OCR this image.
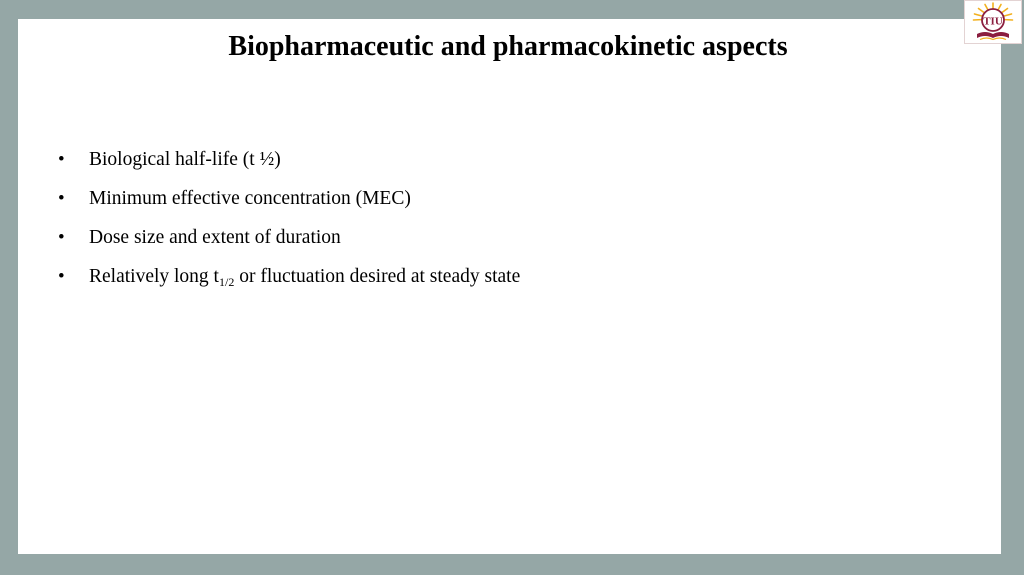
Biopharmaceutic and pharmacokinetic aspects
• Biological half-life (t ½)
• Minimum effective concentration (MEC)
• Dose size and extent of duration
• Relatively long $t_{1/2}$ or fluctuation desired at steady state
TIU
